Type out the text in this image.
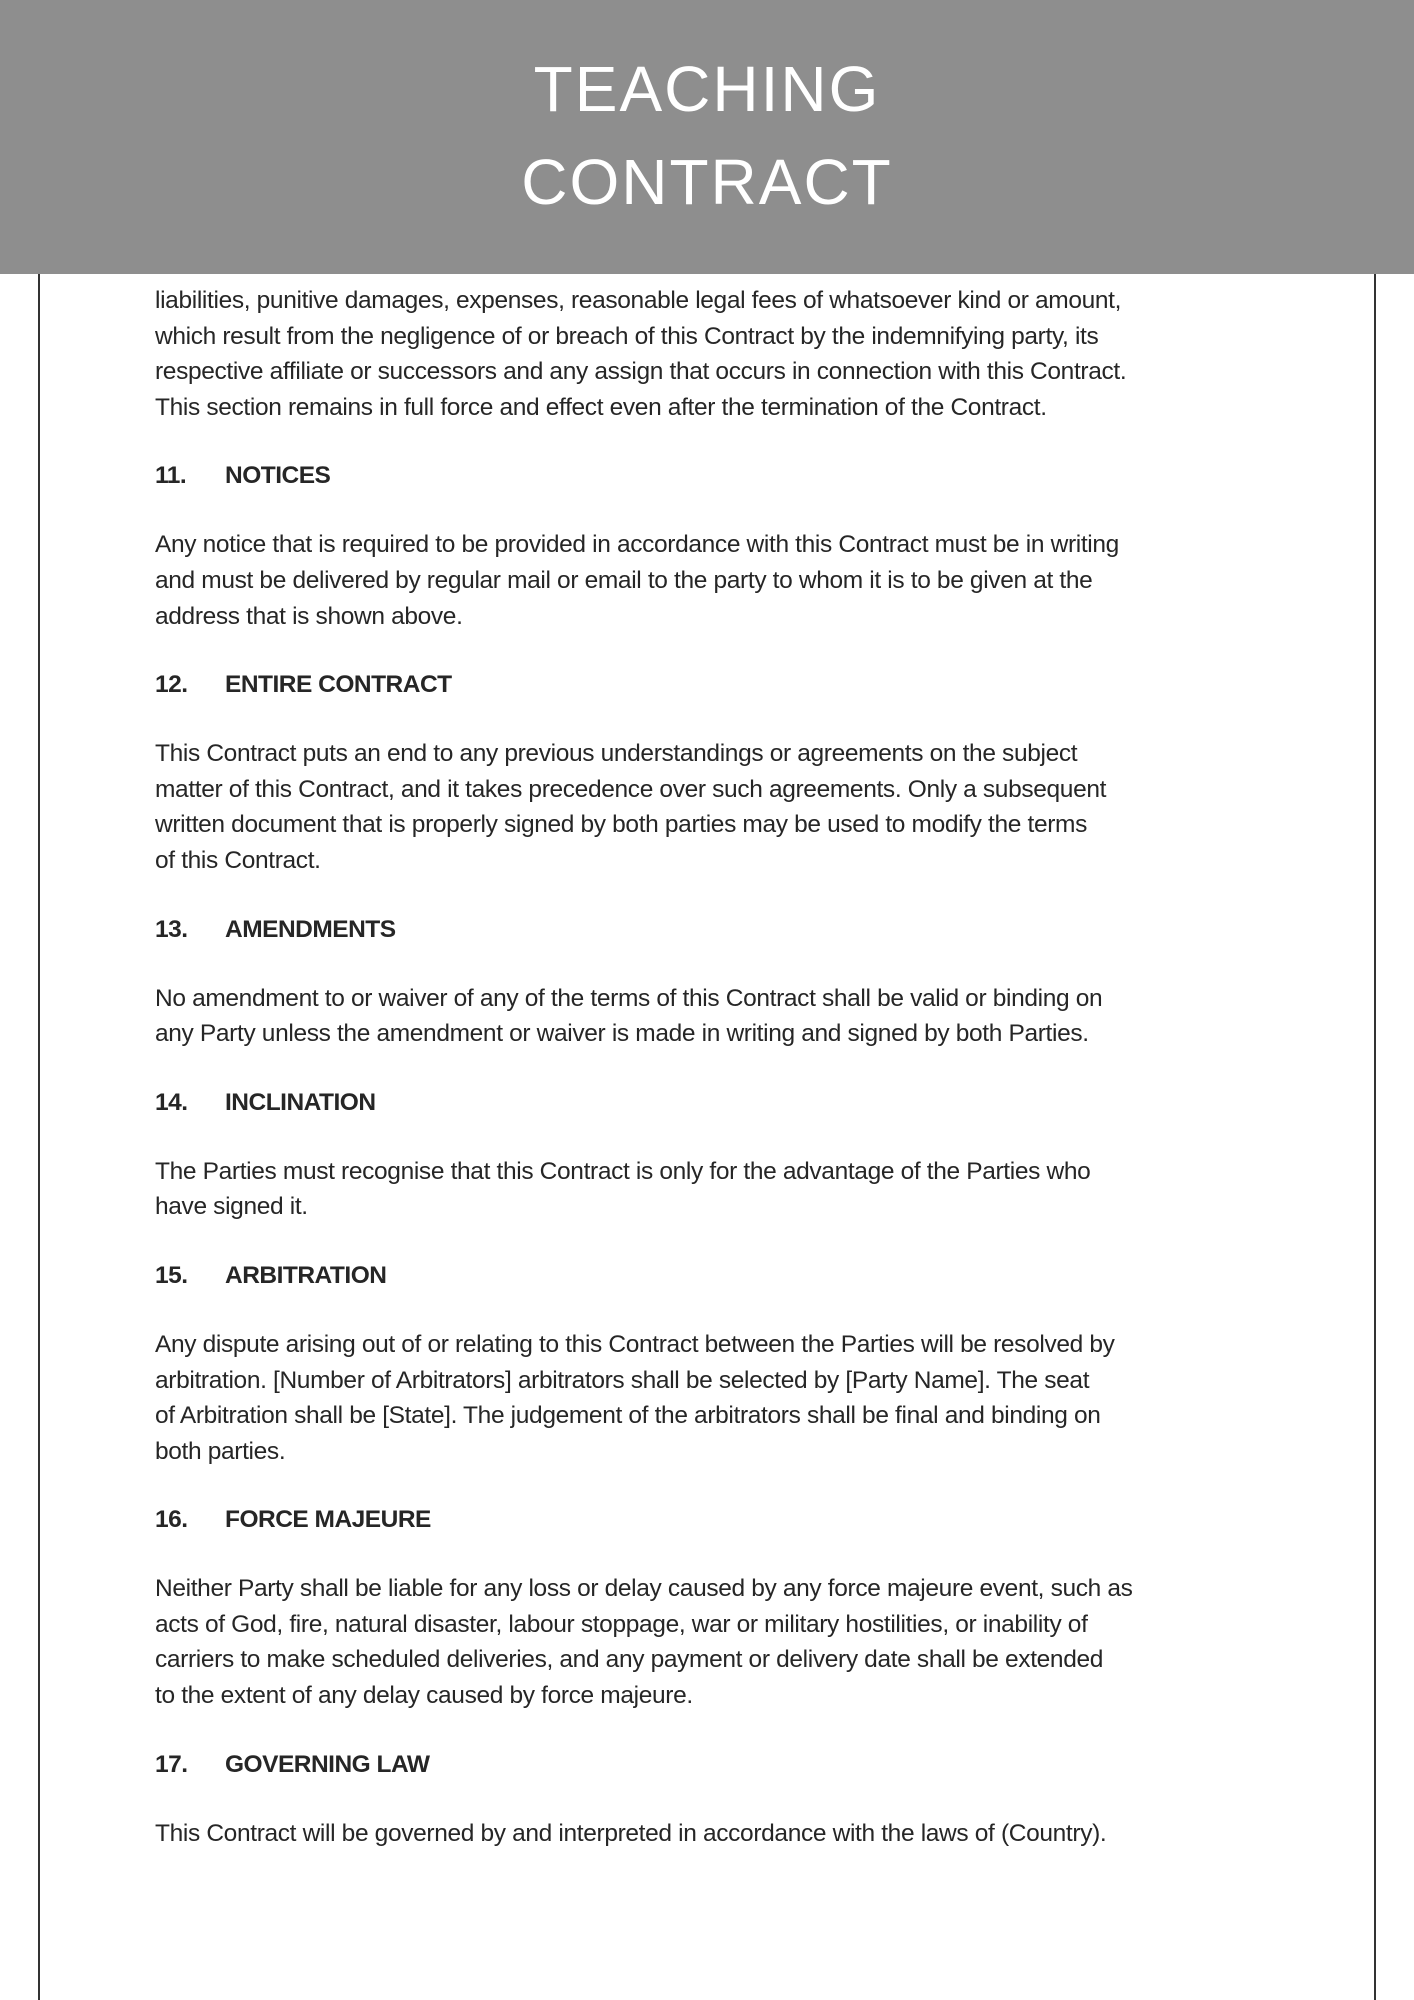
TEACHING
CONTRACT
liabilities, punitive damages, expenses, reasonable legal fees of whatsoever kind or amount,
which result from the negligence of or breach of this Contract by the indemnifying party, its
respective affiliate or successors and any assign that occurs in connection with this Contract.
This section remains in full force and effect even after the termination of the Contract.
11. NOTICES
Any notice that is required to be provided in accordance with this Contract must be in writing
and must be delivered by regular mail or email to the party to whom it is to be given at the
address that is shown above.
12. ENTIRE CONTRACT
This Contract puts an end to any previous understandings or agreements on the subject
matter of this Contract, and it takes precedence over such agreements. Only a subsequent
written document that is properly signed by both parties may be used to modify the terms
of this Contract.
13. AMENDMENTS
No amendment to or waiver of any of the terms of this Contract shall be valid or binding on
any Party unless the amendment or waiver is made in writing and signed by both Parties.
14. INCLINATION
The Parties must recognise that this Contract is only for the advantage of the Parties who
have signed it.
15. ARBITRATION
Any dispute arising out of or relating to this Contract between the Parties will be resolved by
arbitration. [Number of Arbitrators] arbitrators shall be selected by [Party Name]. The seat
of Arbitration shall be [State]. The judgement of the arbitrators shall be final and binding on
both parties.
16. FORCE MAJEURE
Neither Party shall be liable for any loss or delay caused by any force majeure event, such as
acts of God, fire, natural disaster, labour stoppage, war or military hostilities, or inability of
carriers to make scheduled deliveries, and any payment or delivery date shall be extended
to the extent of any delay caused by force majeure.
17. GOVERNING LAW
This Contract will be governed by and interpreted in accordance with the laws of (Country).
